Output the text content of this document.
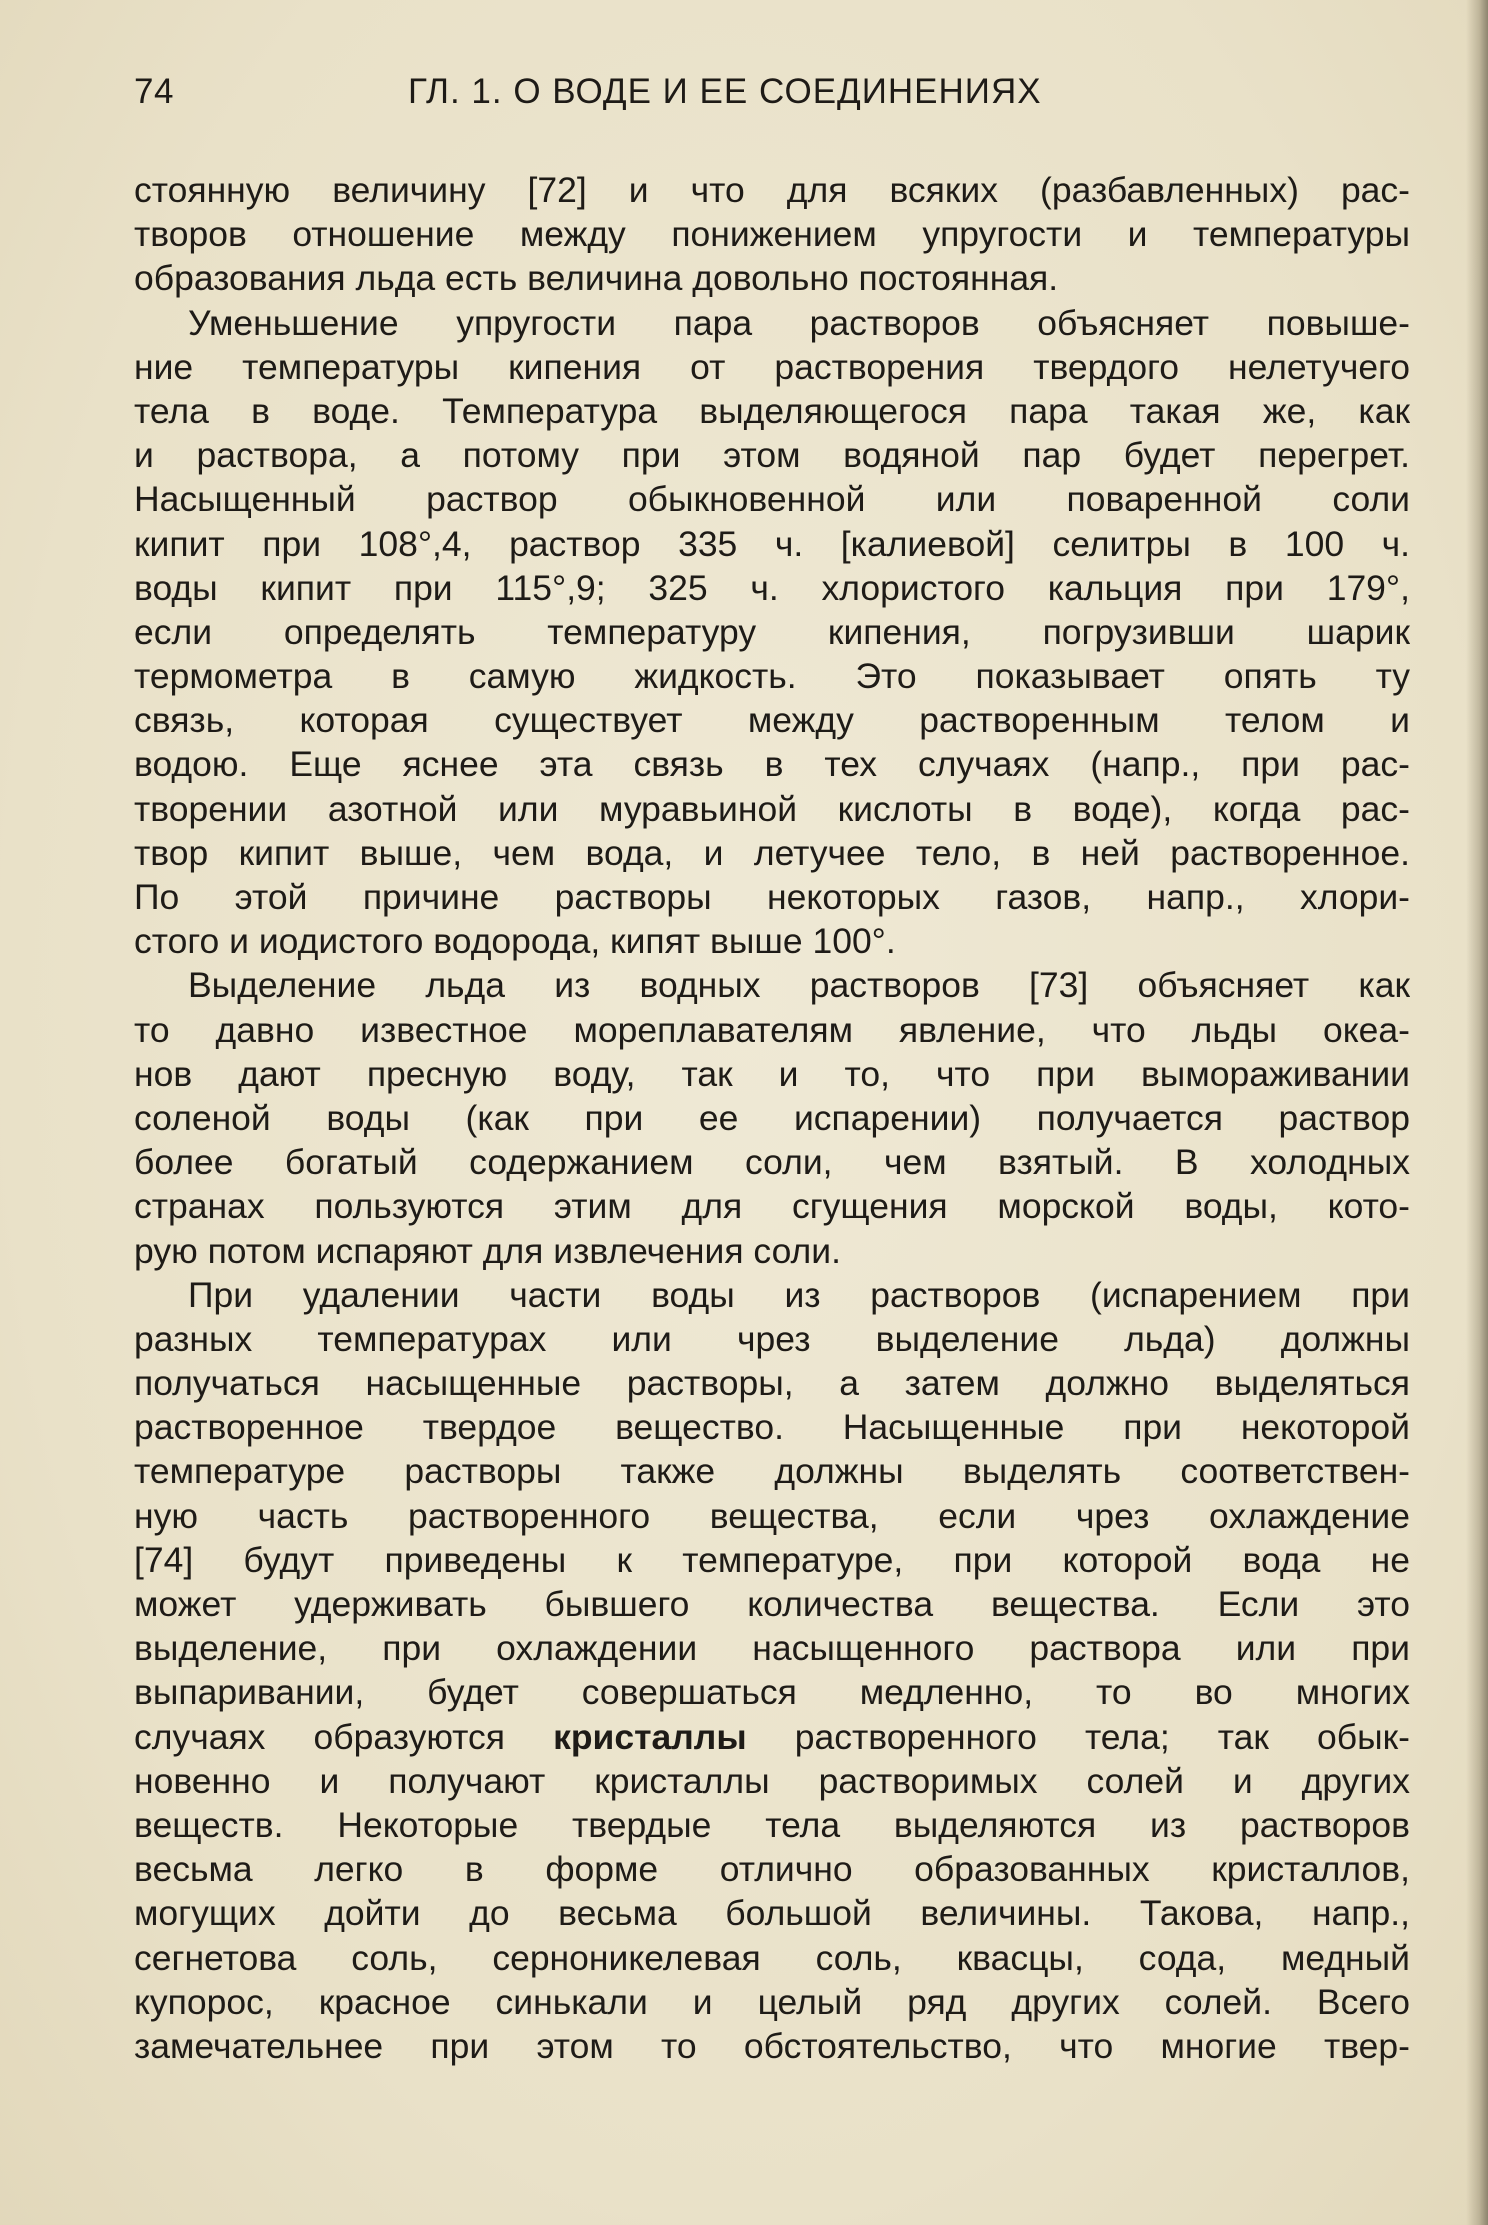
74	ГЛ. 1. О ВОДЕ И ЕЕ СОЕДИНЕНИЯХ
стоянную величину [72] и что для всяких (разбавленных) рас-
творов отношение между понижением упругости и температуры
образования льда есть величина довольно постоянная.
Уменьшение упругости пара растворов объясняет повыше-
ние температуры кипения от растворения твердого нелетучего
тела в воде. Температура выделяющегося пара такая же, как
и раствора, а потому при этом водяной пар будет перегрет.
Насыщенный раствор обыкновенной или поваренной соли
кипит при 108°,4, раствор 335 ч. [калиевой] селитры в 100 ч.
воды кипит при 115°,9; 325 ч. хлористого кальция при 179°,
если определять температуру кипения, погрузивши шарик
термометра в самую жидкость. Это показывает опять ту
связь, которая существует между растворенным телом и
водою. Еще яснее эта связь в тех случаях (напр., при рас-
творении азотной или муравьиной кислоты в воде), когда рас-
твор кипит выше, чем вода, и летучее тело, в ней растворенное.
По этой причине растворы некоторых газов, напр., хлори-
стого и иодистого водорода, кипят выше 100°.
Выделение льда из водных растворов [73] объясняет как
то давно известное мореплавателям явление, что льды океа-
нов дают пресную воду, так и то, что при вымораживании
соленой воды (как при ее испарении) получается раствор
более богатый содержанием соли, чем взятый. В холодных
странах пользуются этим для сгущения морской воды, кото-
рую потом испаряют для извлечения соли.
При удалении части воды из растворов (испарением при
разных температурах или чрез выделение льда) должны
получаться насыщенные растворы, а затем должно выделяться
растворенное твердое вещество. Насыщенные при некоторой
температуре растворы также должны выделять соответствен-
ную часть растворенного вещества, если чрез охлаждение
[74] будут приведены к температуре, при которой вода не
может удерживать бывшего количества вещества. Если это
выделение, при охлаждении насыщенного раствора или при
выпаривании, будет совершаться медленно, то во многих
случаях образуются кристаллы растворенного тела; так обык-
новенно и получают кристаллы растворимых солей и других
веществ. Некоторые твердые тела выделяются из растворов
весьма легко в форме отлично образованных кристаллов,
могущих дойти до весьма большой величины. Такова, напр.,
сегнетова соль, серноникелевая соль, квасцы, сода, медный
купорос, красное синькали и целый ряд других солей. Всего
замечательнее при этом то обстоятельство, что многие твер-
